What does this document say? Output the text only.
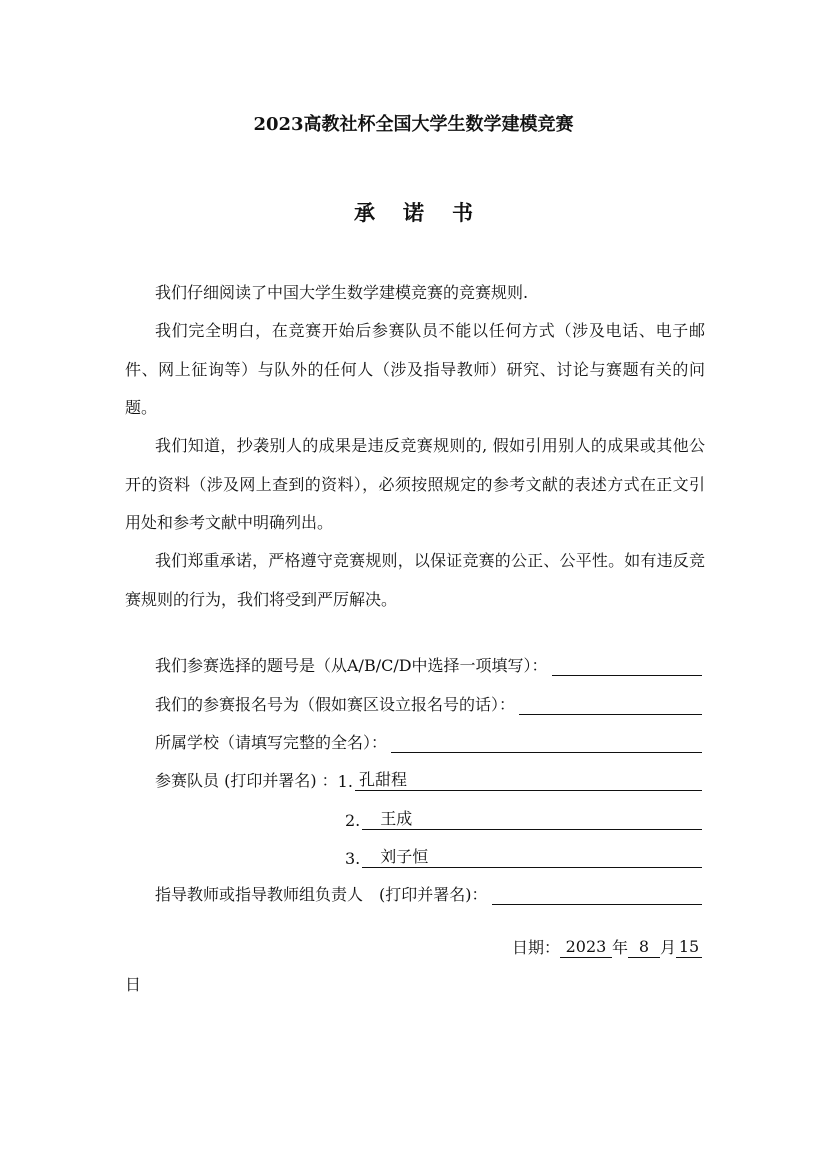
2023高教社杯全国大学生数学建模竞赛
承诺书

我们仔细阅读了中国大学生数学建模竞赛的竞赛规则.

我们完全明白，在竞赛开始后参赛队员不能以任何方式（涉及电话、电子邮件、网上征询等）与队外的任何人（涉及指导教师）研究、讨论与赛题有关的问题。

我们知道，抄袭别人的成果是违反竞赛规则的, 假如引用别人的成果或其他公开的资料（涉及网上查到的资料），必须按照规定的参考文献的表述方式在正文引用处和参考文献中明确列出。

我们郑重承诺，严格遵守竞赛规则，以保证竞赛的公正、公平性。如有违反竞赛规则的行为，我们将受到严厉解决。

我们参赛选择的题号是（从A/B/C/D中选择一项填写）：
我们的参赛报名号为（假如赛区设立报名号的话）：
所属学校（请填写完整的全名）：
参赛队员 (打印并署名) ： 1. 孔甜程
2.	王成
3.	刘子恒
指导教师或指导教师组负责人　(打印并署名)：
日期： 2023 年 8 月 15
日
